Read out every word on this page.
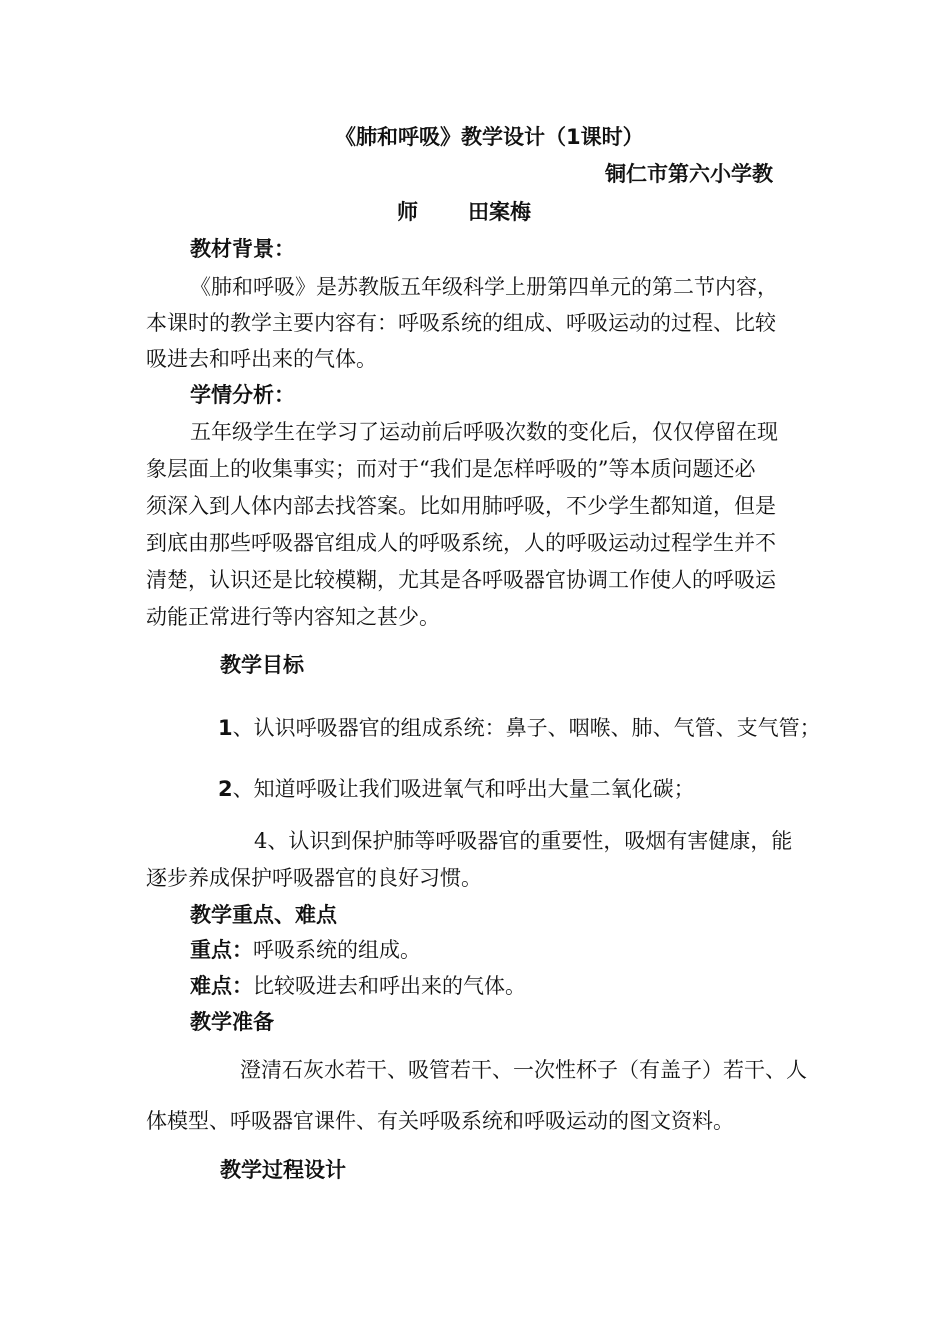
《肺和呼吸》教学设计（1课时）
铜仁市第六小学教
师 田案梅
教材背景：
《肺和呼吸》是苏教版五年级科学上册第四单元的第二节内容，
本课时的教学主要内容有：呼吸系统的组成、呼吸运动的过程、比较
吸进去和呼出来的气体。
学情分析：
五年级学生在学习了运动前后呼吸次数的变化后，仅仅停留在现
象层面上的收集事实；而对于“我们是怎样呼吸的”等本质问题还必
须深入到人体内部去找答案。比如用肺呼吸，不少学生都知道，但是
到底由那些呼吸器官组成人的呼吸系统，人的呼吸运动过程学生并不
清楚，认识还是比较模糊，尤其是各呼吸器官协调工作使人的呼吸运
动能正常进行等内容知之甚少。
教学目标
1、认识呼吸器官的组成系统：鼻子、咽喉、肺、气管、支气管；
2、知道呼吸让我们吸进氧气和呼出大量二氧化碳；
4、认识到保护肺等呼吸器官的重要性，吸烟有害健康，能
逐步养成保护呼吸器官的良好习惯。
教学重点、难点
重点：呼吸系统的组成。
难点：比较吸进去和呼出来的气体。
教学准备
澄清石灰水若干、吸管若干、一次性杯子（有盖子）若干、人
体模型、呼吸器官课件、有关呼吸系统和呼吸运动的图文资料。
教学过程设计
